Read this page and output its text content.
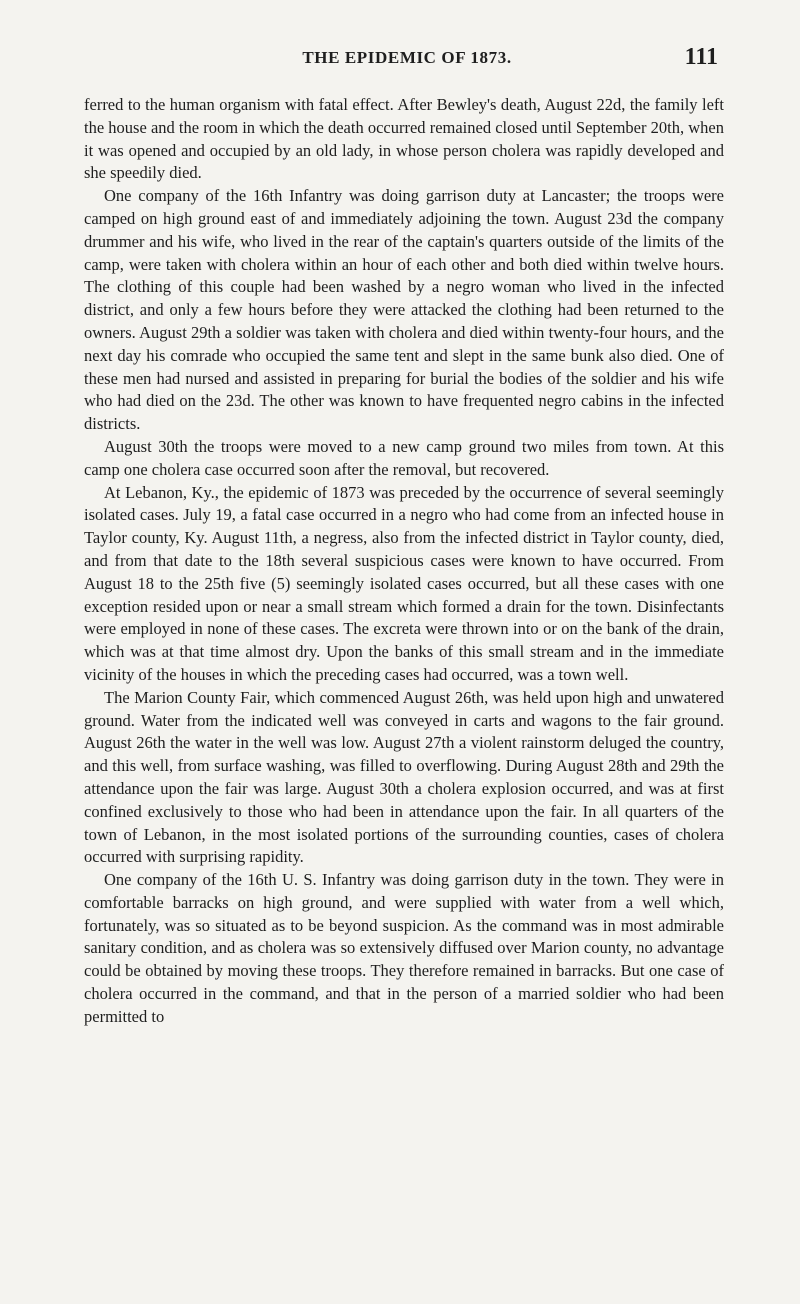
THE EPIDEMIC OF 1873.	111

ferred to the human organism with fatal effect. After Bewley's death, August 22d, the family left the house and the room in which the death occurred remained closed until September 20th, when it was opened and occupied by an old lady, in whose person cholera was rapidly developed and she speedily died.

One company of the 16th Infantry was doing garrison duty at Lancaster; the troops were camped on high ground east of and immediately adjoining the town. August 23d the company drummer and his wife, who lived in the rear of the captain's quarters outside of the limits of the camp, were taken with cholera within an hour of each other and both died within twelve hours. The clothing of this couple had been washed by a negro woman who lived in the infected district, and only a few hours before they were attacked the clothing had been returned to the owners. August 29th a soldier was taken with cholera and died within twenty-four hours, and the next day his comrade who occupied the same tent and slept in the same bunk also died. One of these men had nursed and assisted in preparing for burial the bodies of the soldier and his wife who had died on the 23d. The other was known to have frequented negro cabins in the infected districts.

August 30th the troops were moved to a new camp ground two miles from town. At this camp one cholera case occurred soon after the removal, but recovered.

At Lebanon, Ky., the epidemic of 1873 was preceded by the occurrence of several seemingly isolated cases. July 19, a fatal case occurred in a negro who had come from an infected house in Taylor county, Ky. August 11th, a negress, also from the infected district in Taylor county, died, and from that date to the 18th several suspicious cases were known to have occurred. From August 18 to the 25th five (5) seemingly isolated cases occurred, but all these cases with one exception resided upon or near a small stream which formed a drain for the town. Disinfectants were employed in none of these cases. The excreta were thrown into or on the bank of the drain, which was at that time almost dry. Upon the banks of this small stream and in the immediate vicinity of the houses in which the preceding cases had occurred, was a town well.

The Marion County Fair, which commenced August 26th, was held upon high and unwatered ground. Water from the indicated well was conveyed in carts and wagons to the fair ground. August 26th the water in the well was low. August 27th a violent rainstorm deluged the country, and this well, from surface washing, was filled to overflowing. During August 28th and 29th the attendance upon the fair was large. August 30th a cholera explosion occurred, and was at first confined exclusively to those who had been in attendance upon the fair. In all quarters of the town of Lebanon, in the most isolated portions of the surrounding counties, cases of cholera occurred with surprising rapidity.

One company of the 16th U. S. Infantry was doing garrison duty in the town. They were in comfortable barracks on high ground, and were supplied with water from a well which, fortunately, was so situated as to be beyond suspicion. As the command was in most admirable sanitary condition, and as cholera was so extensively diffused over Marion county, no advantage could be obtained by moving these troops. They therefore remained in barracks. But one case of cholera occurred in the command, and that in the person of a married soldier who had been permitted to
